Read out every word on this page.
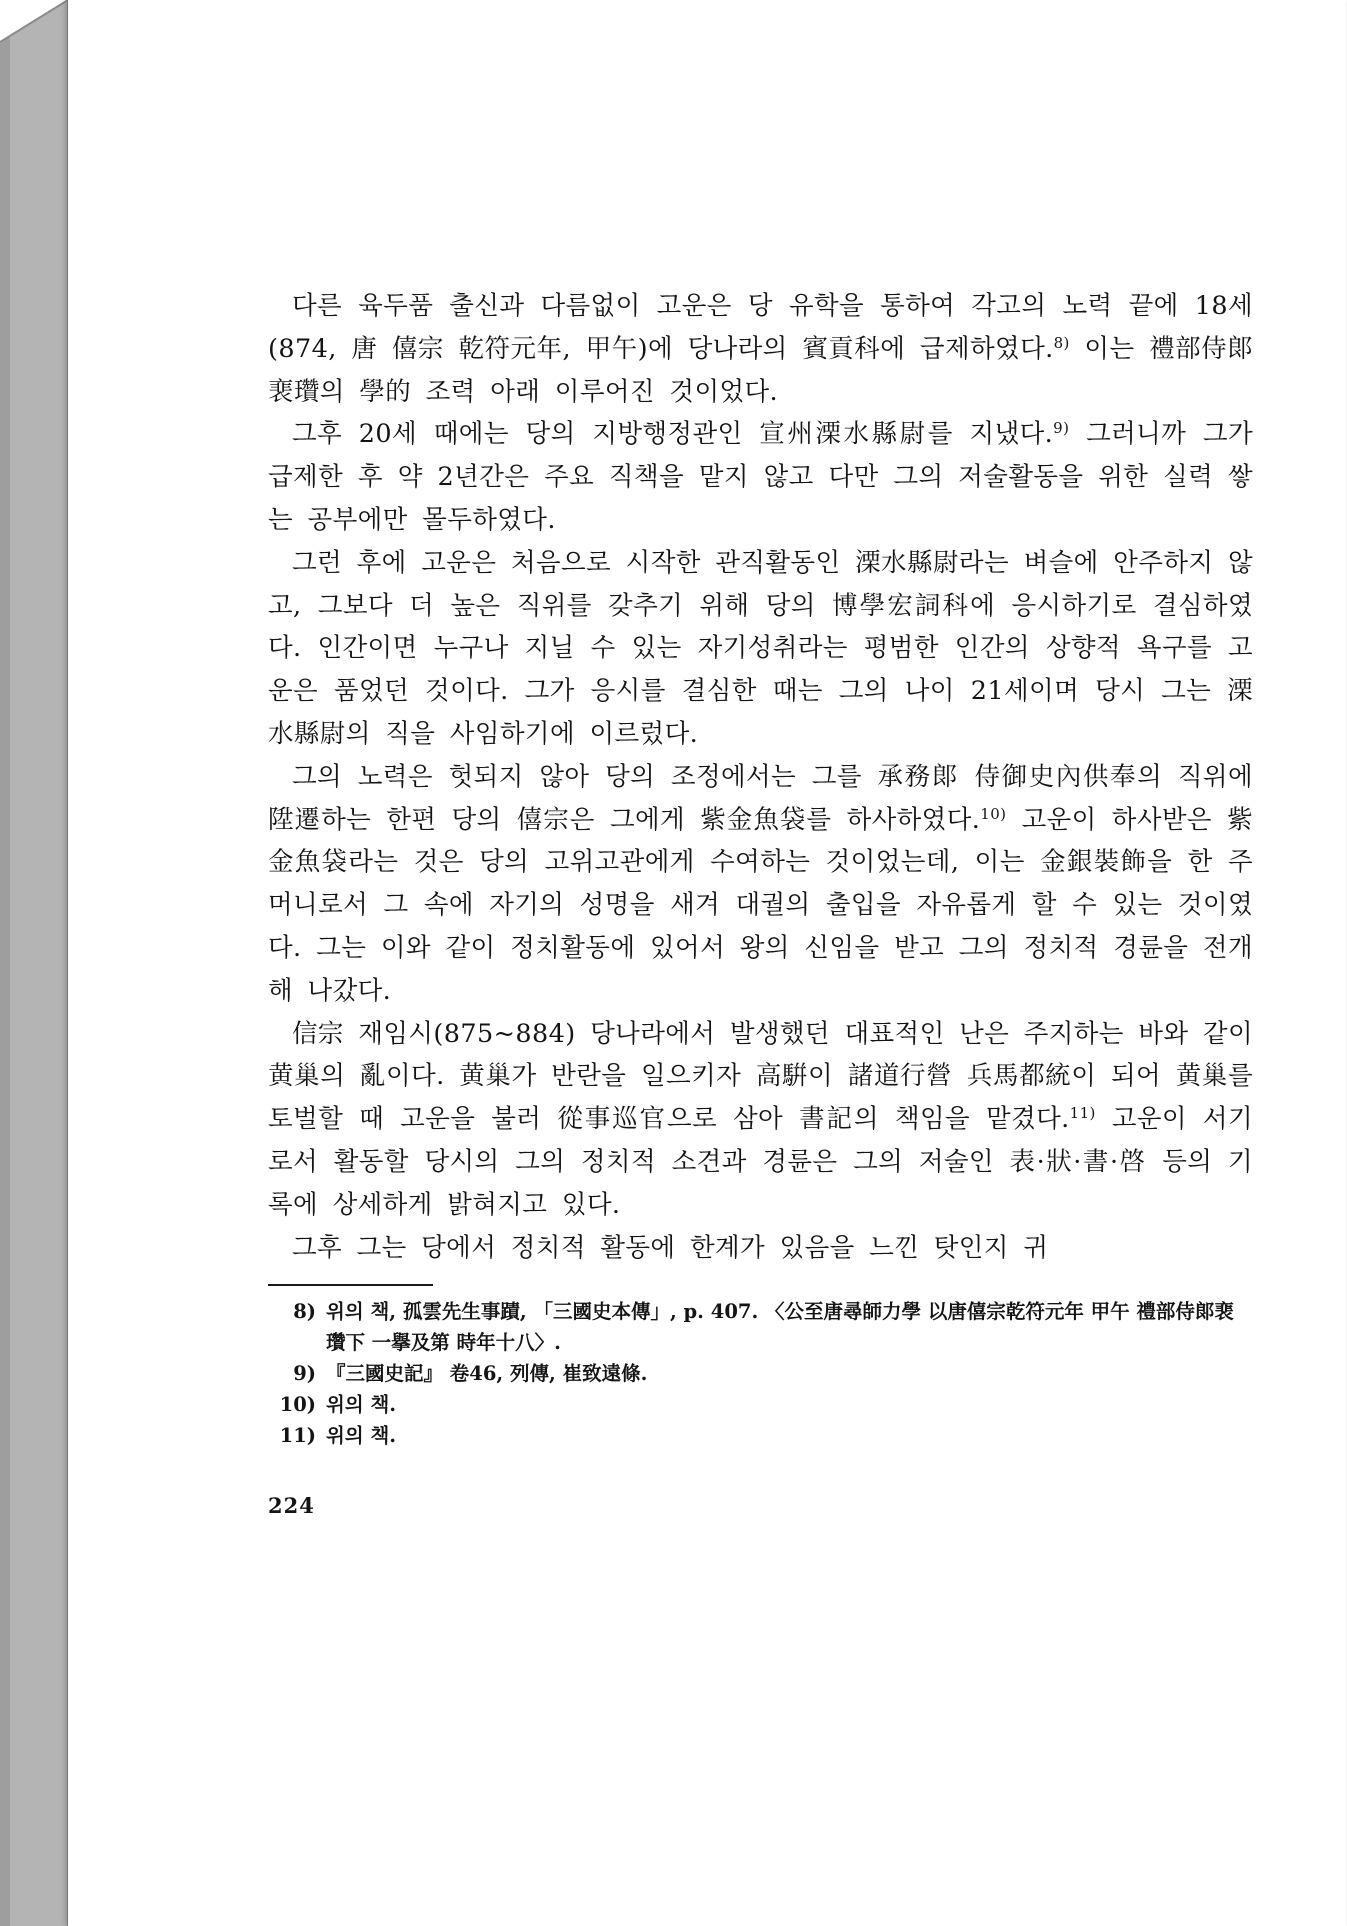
다른 육두품 출신과 다름없이 고운은 당 유학을 통하여 각고의 노력 끝에 18세(874, 唐 僖宗 乾符元年, 甲午)에 당나라의 賓貢科에 급제하였다.$^{8)}$ 이는 禮部侍郞 裵瓚의 學的 조력 아래 이루어진 것이었다.

그후 20세 때에는 당의 지방행정관인 宣州溧水縣尉를 지냈다.$^{9)}$ 그러니까 그가 급제한 후 약 2년간은 주요 직책을 맡지 않고 다만 그의 저술활동을 위한 실력 쌓는 공부에만 몰두하였다.

그런 후에 고운은 처음으로 시작한 관직활동인 溧水縣尉라는 벼슬에 안주하지 않고, 그보다 더 높은 직위를 갖추기 위해 당의 博學宏詞科에 응시하기로 결심하였다. 인간이면 누구나 지닐 수 있는 자기성취라는 평범한 인간의 상향적 욕구를 고운은 품었던 것이다. 그가 응시를 결심한 때는 그의 나이 21세이며 당시 그는 溧水縣尉의 직을 사임하기에 이르렀다.

그의 노력은 헛되지 않아 당의 조정에서는 그를 承務郞 侍御史內供奉의 직위에 陞遷하는 한편 당의 僖宗은 그에게 紫金魚袋를 하사하였다.$^{10)}$ 고운이 하사받은 紫金魚袋라는 것은 당의 고위고관에게 수여하는 것이었는데, 이는 金銀裝飾을 한 주머니로서 그 속에 자기의 성명을 새겨 대궐의 출입을 자유롭게 할 수 있는 것이였다. 그는 이와 같이 정치활동에 있어서 왕의 신임을 받고 그의 정치적 경륜을 전개해 나갔다.

信宗 재임시(875~884) 당나라에서 발생했던 대표적인 난은 주지하는 바와 같이 黄巢의 亂이다. 黄巢가 반란을 일으키자 高騈이 諸道行營 兵馬都統이 되어 黄巢를 토벌할 때 고운을 불러 從事巡官으로 삼아 書記의 책임을 맡겼다.$^{11)}$ 고운이 서기로서 활동할 당시의 그의 정치적 소견과 경륜은 그의 저술인 表·狀·書·啓 등의 기록에 상세하게 밝혀지고 있다.

그후 그는 당에서 정치적 활동에 한계가 있음을 느낀 탓인지 귀

8) 위의 책, 孤雲先生事蹟, 「三國史本傳」, p. 407. 〈公至唐尋師力學 以唐僖宗乾符元年 甲午 禮部侍郞裵瓚下 一擧及第 時年十八〉.
9) 『三國史記』 卷46, 列傳, 崔致遠條.
10) 위의 책.
11) 위의 책.
224
